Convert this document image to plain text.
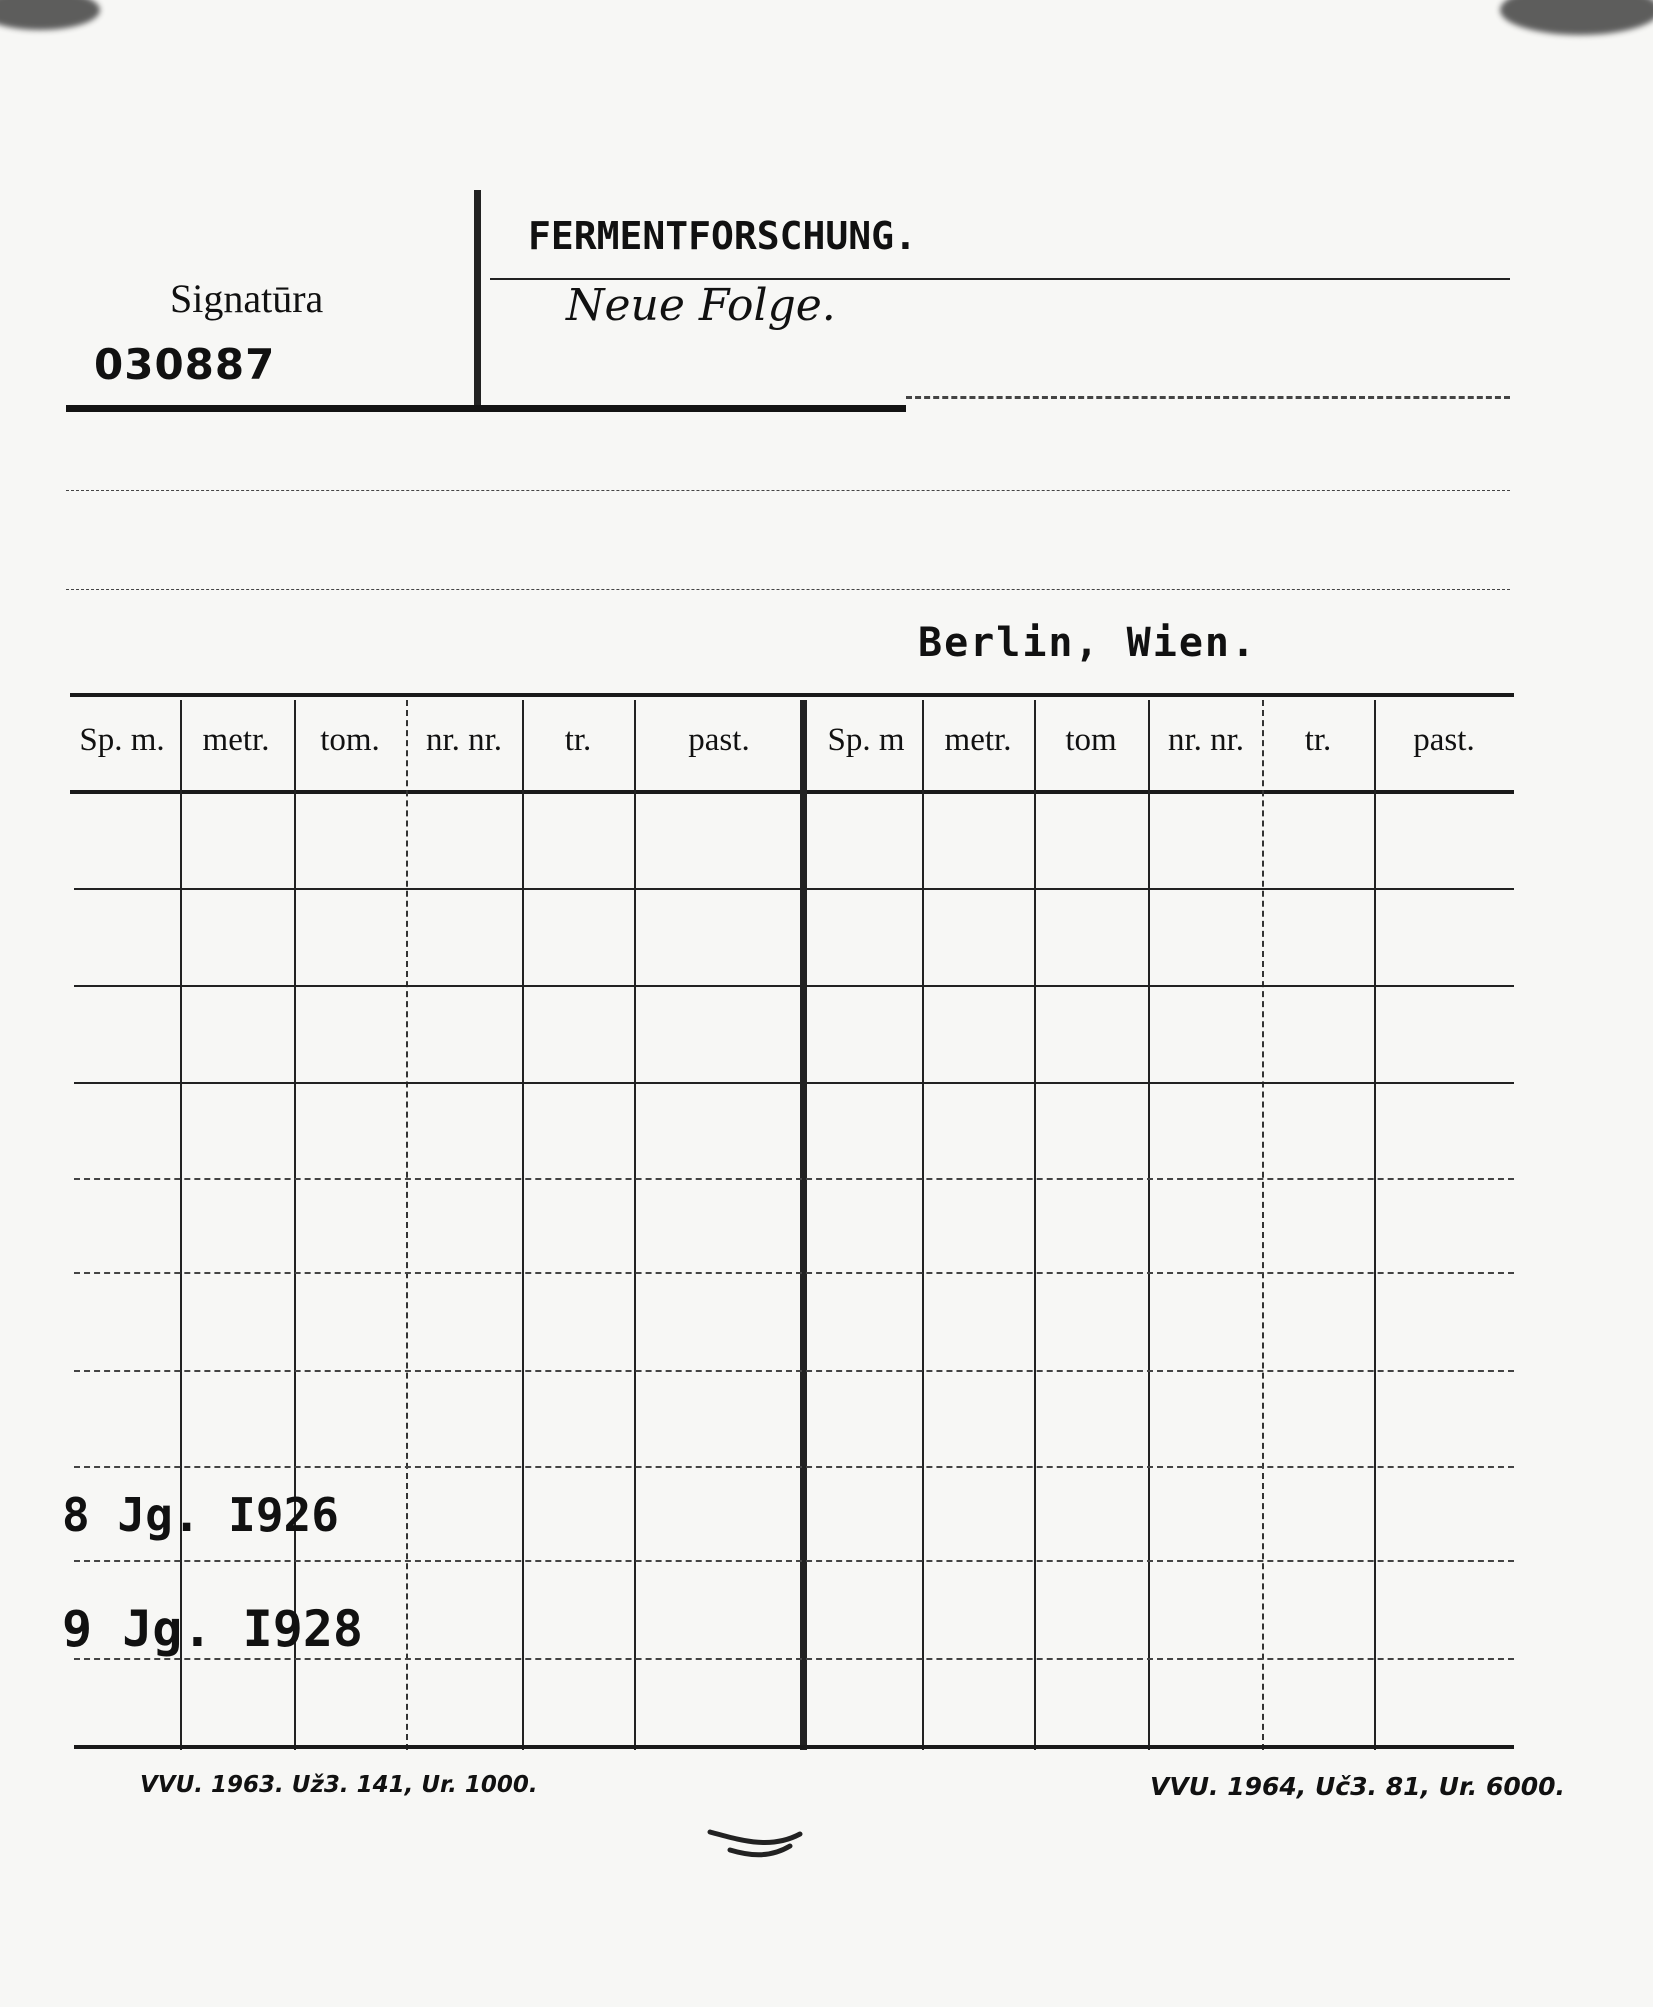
Signatūra
030887
FERMENTFORSCHUNG.
Neue Folge.
Berlin, Wien.
Sp. m.	metr.	tom.	nr. nr.	tr.	past.	Sp. m	metr.	tom	nr. nr.	tr.	past.
8 Jg. I926
9 Jg. I928
VVU. 1963. Už3. 141, Ur. 1000.	VVU. 1964, Uč3. 81, Ur. 6000.
